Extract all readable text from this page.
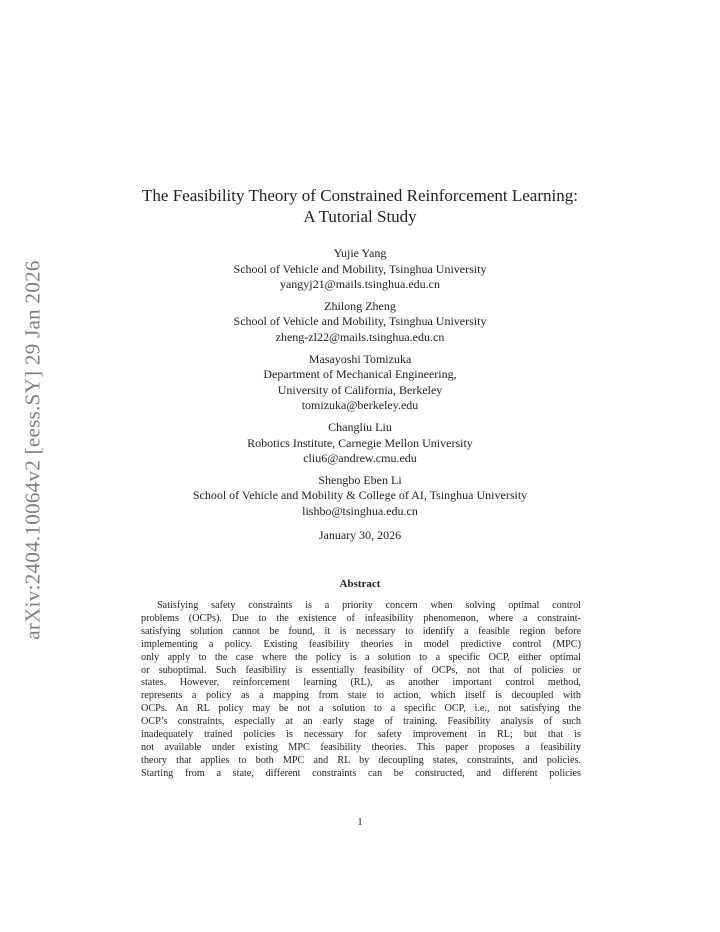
arXiv:2404.10064v2 [eess.SY] 29 Jan 2026
The Feasibility Theory of Constrained Reinforcement Learning:
A Tutorial Study
Yujie Yang
School of Vehicle and Mobility, Tsinghua University
yangyj21@mails.tsinghua.edu.cn
Zhilong Zheng
School of Vehicle and Mobility, Tsinghua University
zheng-zl22@mails.tsinghua.edu.cn
Masayoshi Tomizuka
Department of Mechanical Engineering,
University of California, Berkeley
tomizuka@berkeley.edu
Changliu Liu
Robotics Institute, Carnegie Mellon University
cliu6@andrew.cmu.edu
Shengbo Eben Li
School of Vehicle and Mobility & College of AI, Tsinghua University
lishbo@tsinghua.edu.cn
January 30, 2026
Abstract
Satisfying safety constraints is a priority concern when solving optimal control
problems (OCPs). Due to the existence of infeasibility phenomenon, where a constraint-
satisfying solution cannot be found, it is necessary to identify a feasible region before
implementing a policy. Existing feasibility theories in model predictive control (MPC)
only apply to the case where the policy is a solution to a specific OCP, either optimal
or suboptimal. Such feasibility is essentially feasibility of OCPs, not that of policies or
states. However, reinforcement learning (RL), as another important control method,
represents a policy as a mapping from state to action, which itself is decoupled with
OCPs. An RL policy may be not a solution to a specific OCP, i.e., not satisfying the
OCP’s constraints, especially at an early stage of training. Feasibility analysis of such
inadequately trained policies is necessary for safety improvement in RL; but that is
not available under existing MPC feasibility theories. This paper proposes a feasibility
theory that applies to both MPC and RL by decoupling states, constraints, and policies.
Starting from a state, different constraints can be constructed, and different policies
1
